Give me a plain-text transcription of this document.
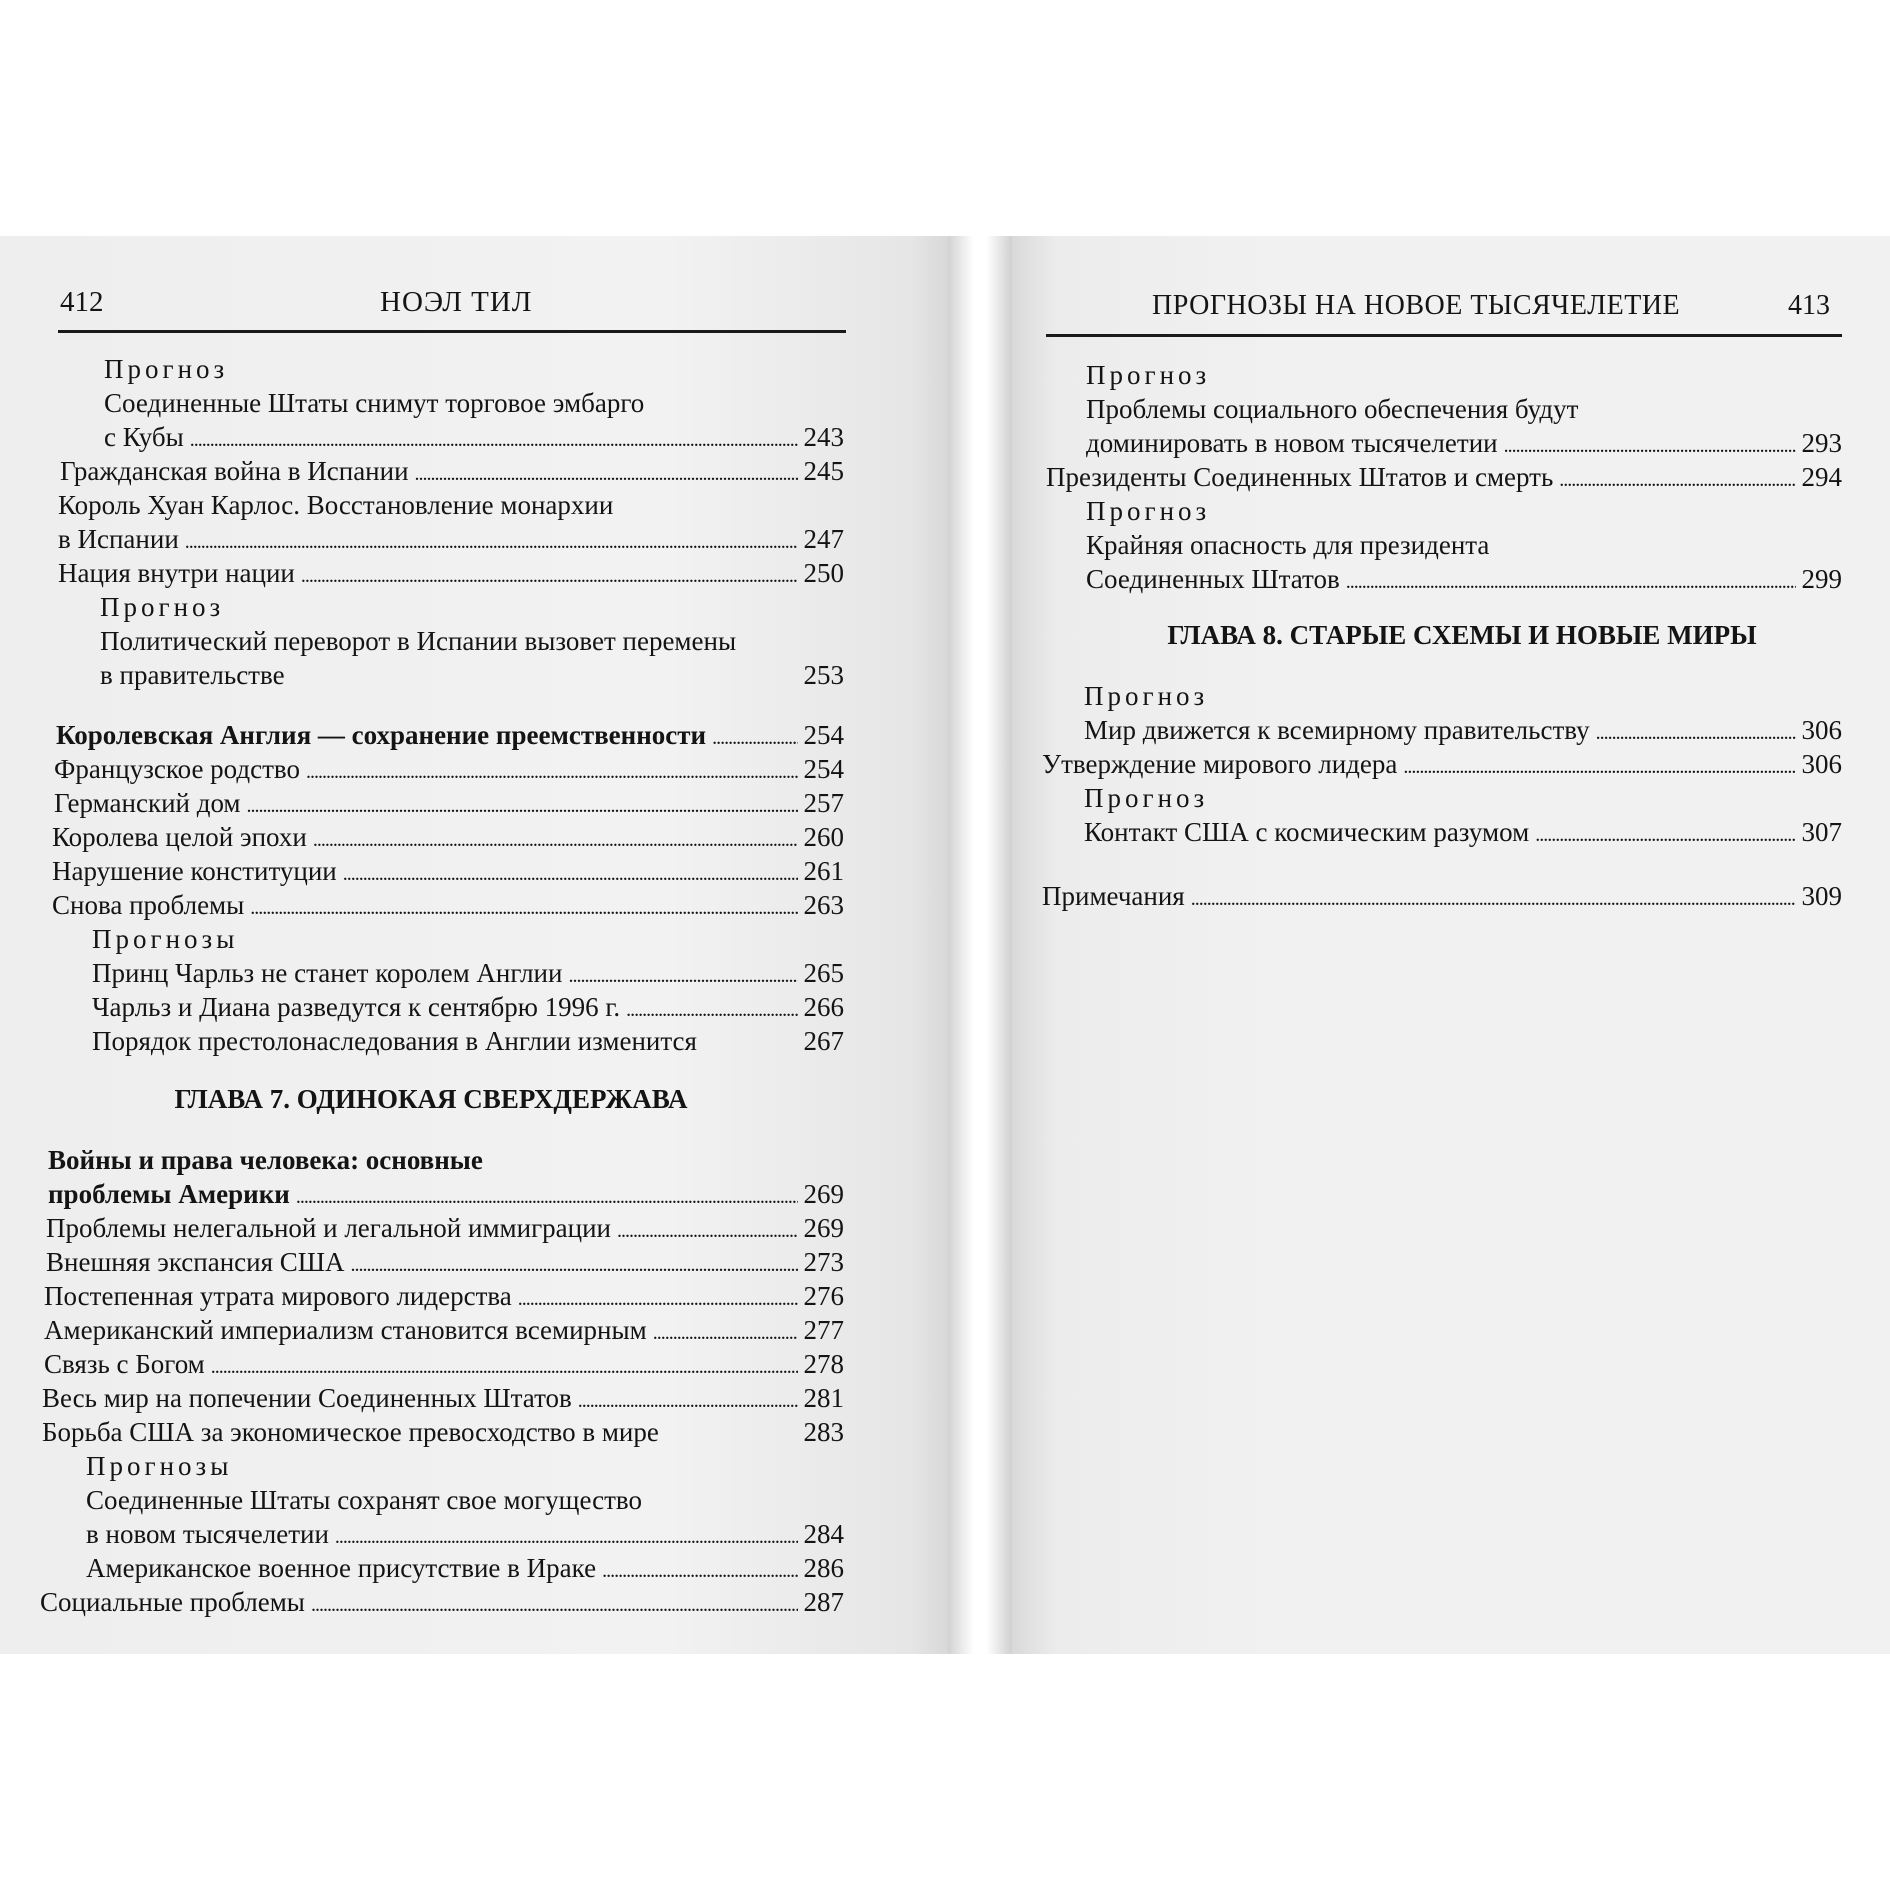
412	НОЭЛ ТИЛ
Прогноз
Соединенные Штаты снимут торговое эмбарго
с Кубы . . .	243
Гражданская война в Испании . . .	245
Король Хуан Карлос. Восстановление монархии
в Испании . . .	247
Нация внутри нации . . .	250
Прогноз
Политический переворот в Испании вызовет перемены
в правительстве	253
Королевская Англия — сохранение преемственности . . .	254
Французское родство . . .	254
Германский дом . . .	257
Королева целой эпохи . . .	260
Нарушение конституции . . .	261
Снова проблемы . . .	263
Прогнозы
Принц Чарльз не станет королем Англии . . .	265
Чарльз и Диана разведутся к сентябрю 1996 г. . . .	266
Порядок престолонаследования в Англии изменится	267
ГЛАВА 7. ОДИНОКАЯ СВЕРХДЕРЖАВА
Войны и права человека: основные
проблемы Америки . . .	269
Проблемы нелегальной и легальной иммиграции . . .	269
Внешняя экспансия США . . .	273
Постепенная утрата мирового лидерства . . .	276
Американский империализм становится всемирным . . .	277
Связь с Богом . . .	278
Весь мир на попечении Соединенных Штатов . . .	281
Борьба США за экономическое превосходство в мире	283
Прогнозы
Соединенные Штаты сохранят свое могущество
в новом тысячелетии . . .	284
Американское военное присутствие в Ираке . . .	286
Социальные проблемы . . .	287
ПРОГНОЗЫ НА НОВОЕ ТЫСЯЧЕЛЕТИЕ	413
Прогноз
Проблемы социального обеспечения будут
доминировать в новом тысячелетии . . .	293
Президенты Соединенных Штатов и смерть . . .	294
Прогноз
Крайняя опасность для президента
Соединенных Штатов . . .	299
ГЛАВА 8. СТАРЫЕ СХЕМЫ И НОВЫЕ МИРЫ
Прогноз
Мир движется к всемирному правительству . . .	306
Утверждение мирового лидера . . .	306
Прогноз
Контакт США с космическим разумом . . .	307
Примечания . . .	309
